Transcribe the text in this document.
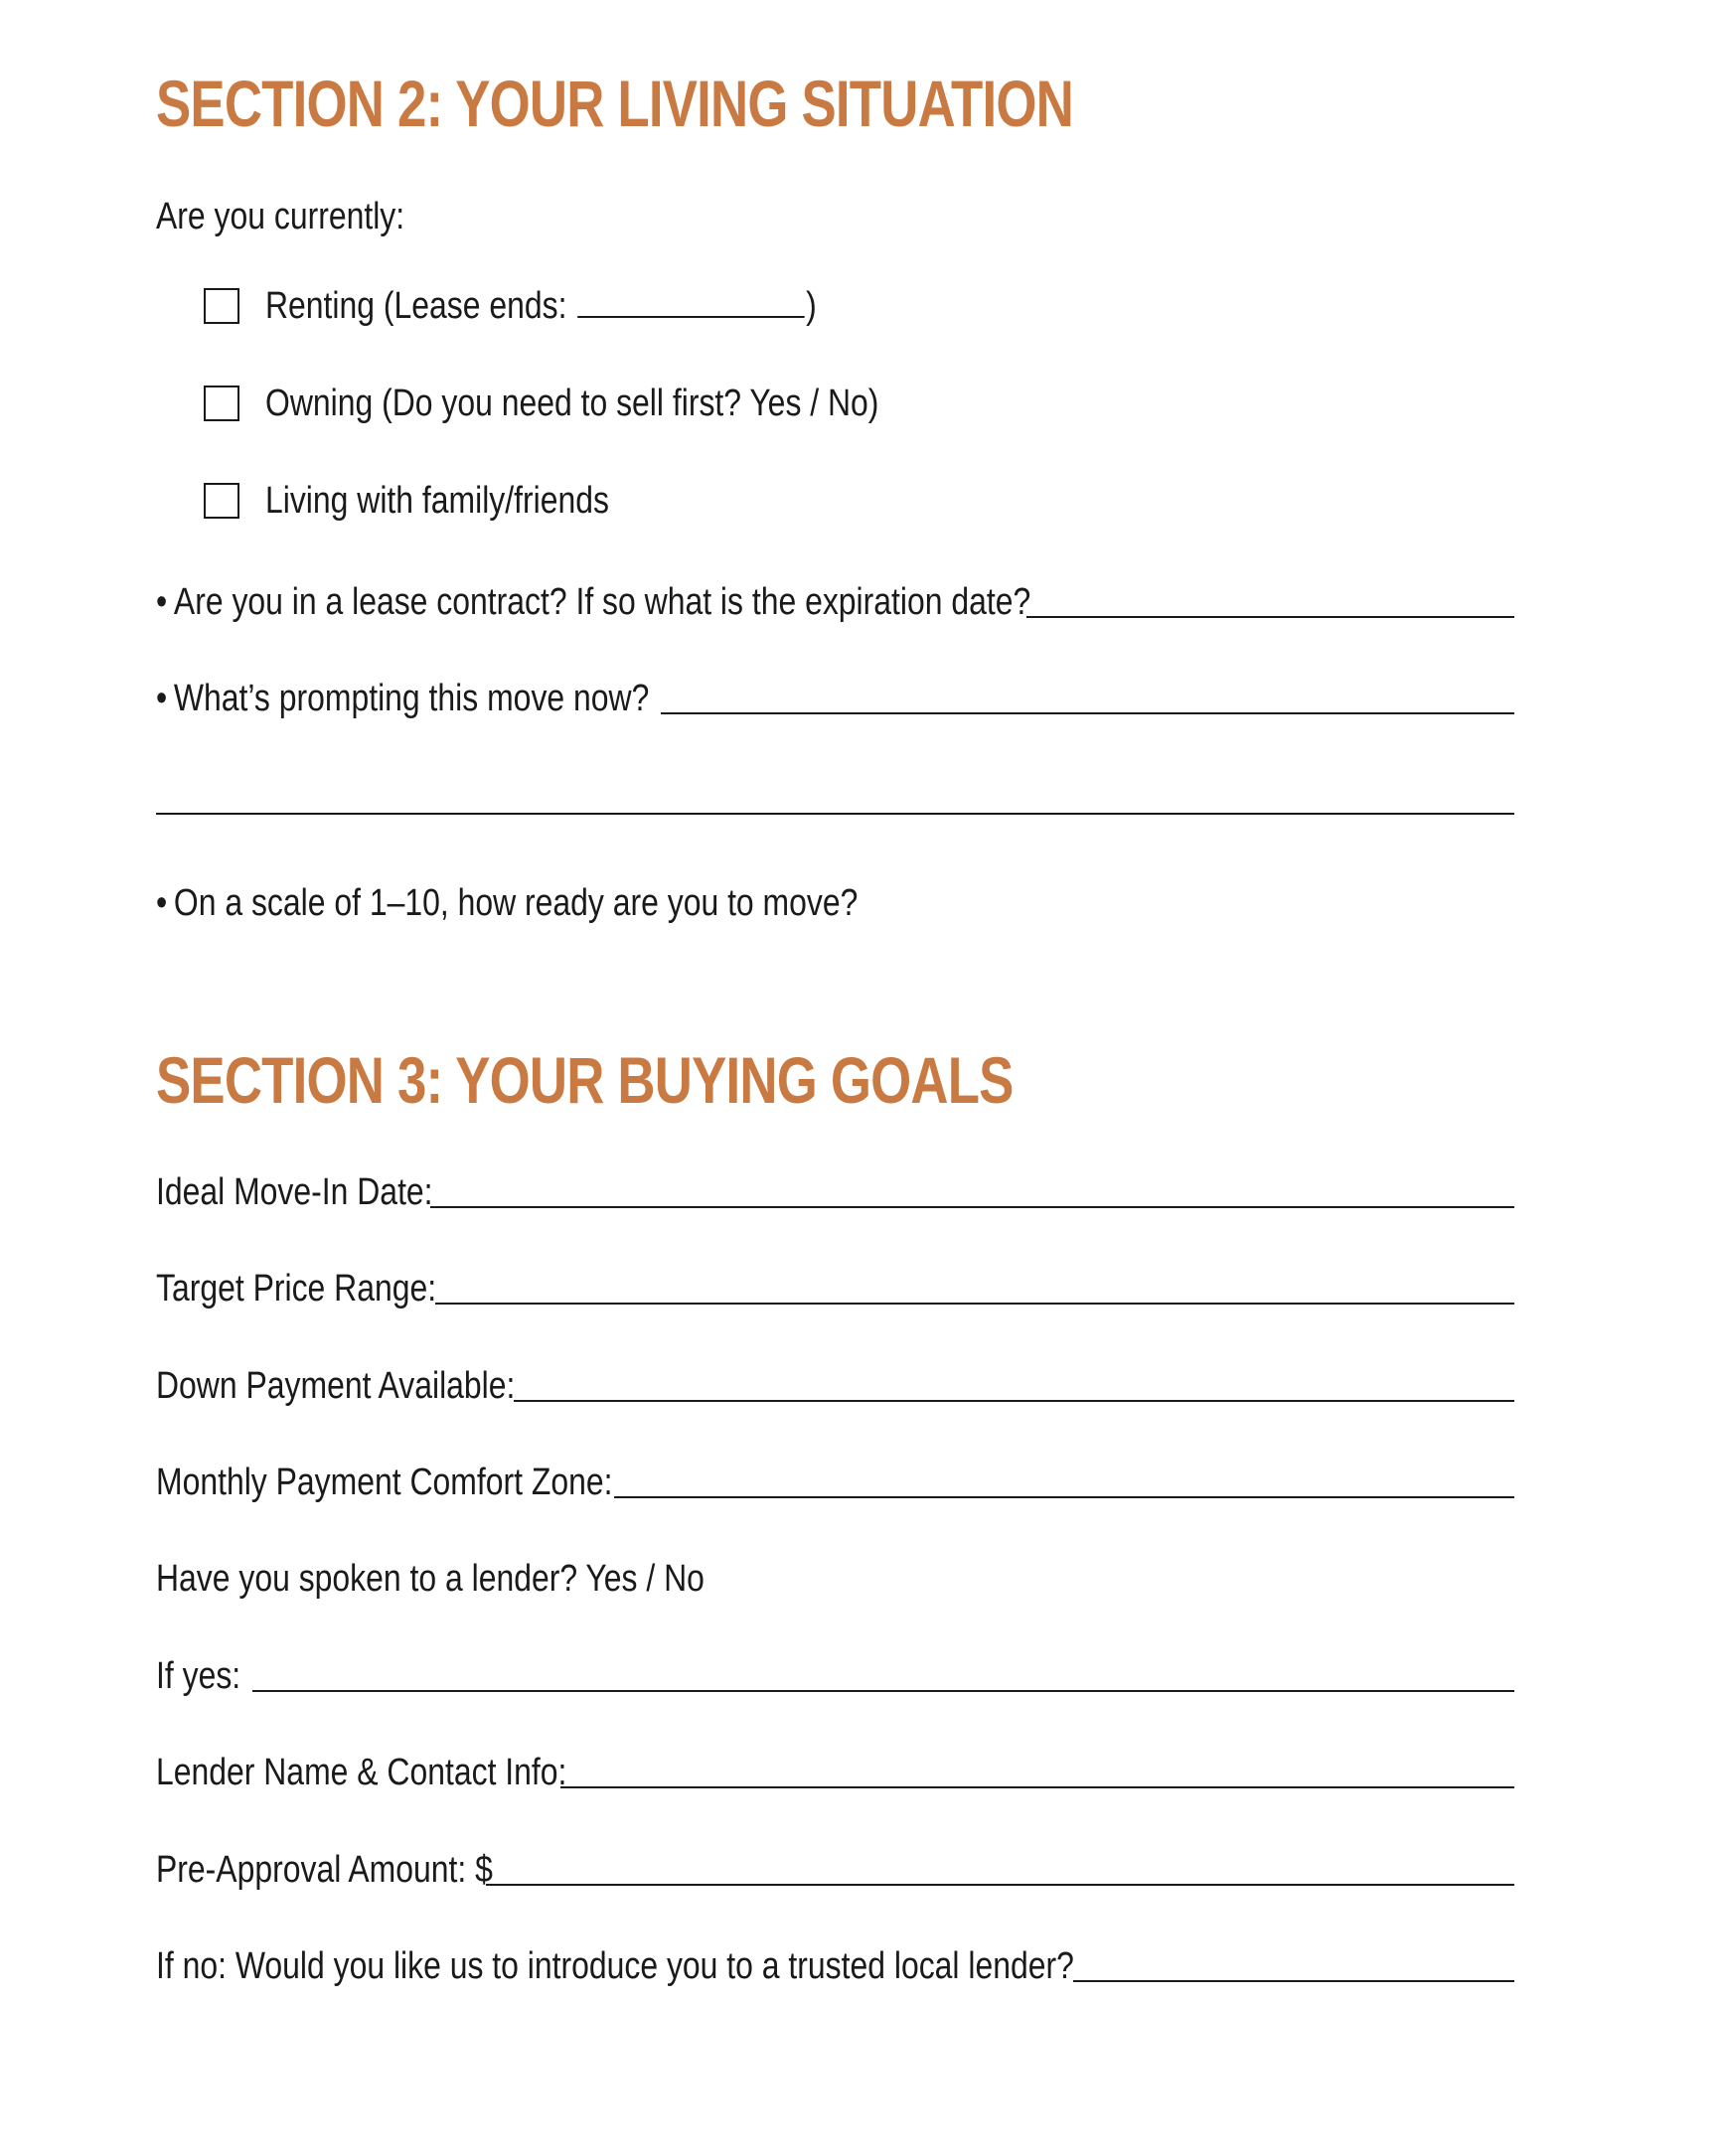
SECTION 2: YOUR LIVING SITUATION
Are you currently:
Renting (Lease ends:	)
Owning (Do you need to sell first? Yes / No)
Living with family/friends
• Are you in a lease contract? If so what is the expiration date?
• What’s prompting this move now?
• On a scale of 1–10, how ready are you to move?
SECTION 3: YOUR BUYING GOALS
Ideal Move-In Date:
Target Price Range:
Down Payment Available:
Monthly Payment Comfort Zone:
Have you spoken to a lender? Yes / No
If yes:
Lender Name & Contact Info:
Pre-Approval Amount: $
If no: Would you like us to introduce you to a trusted local lender?
